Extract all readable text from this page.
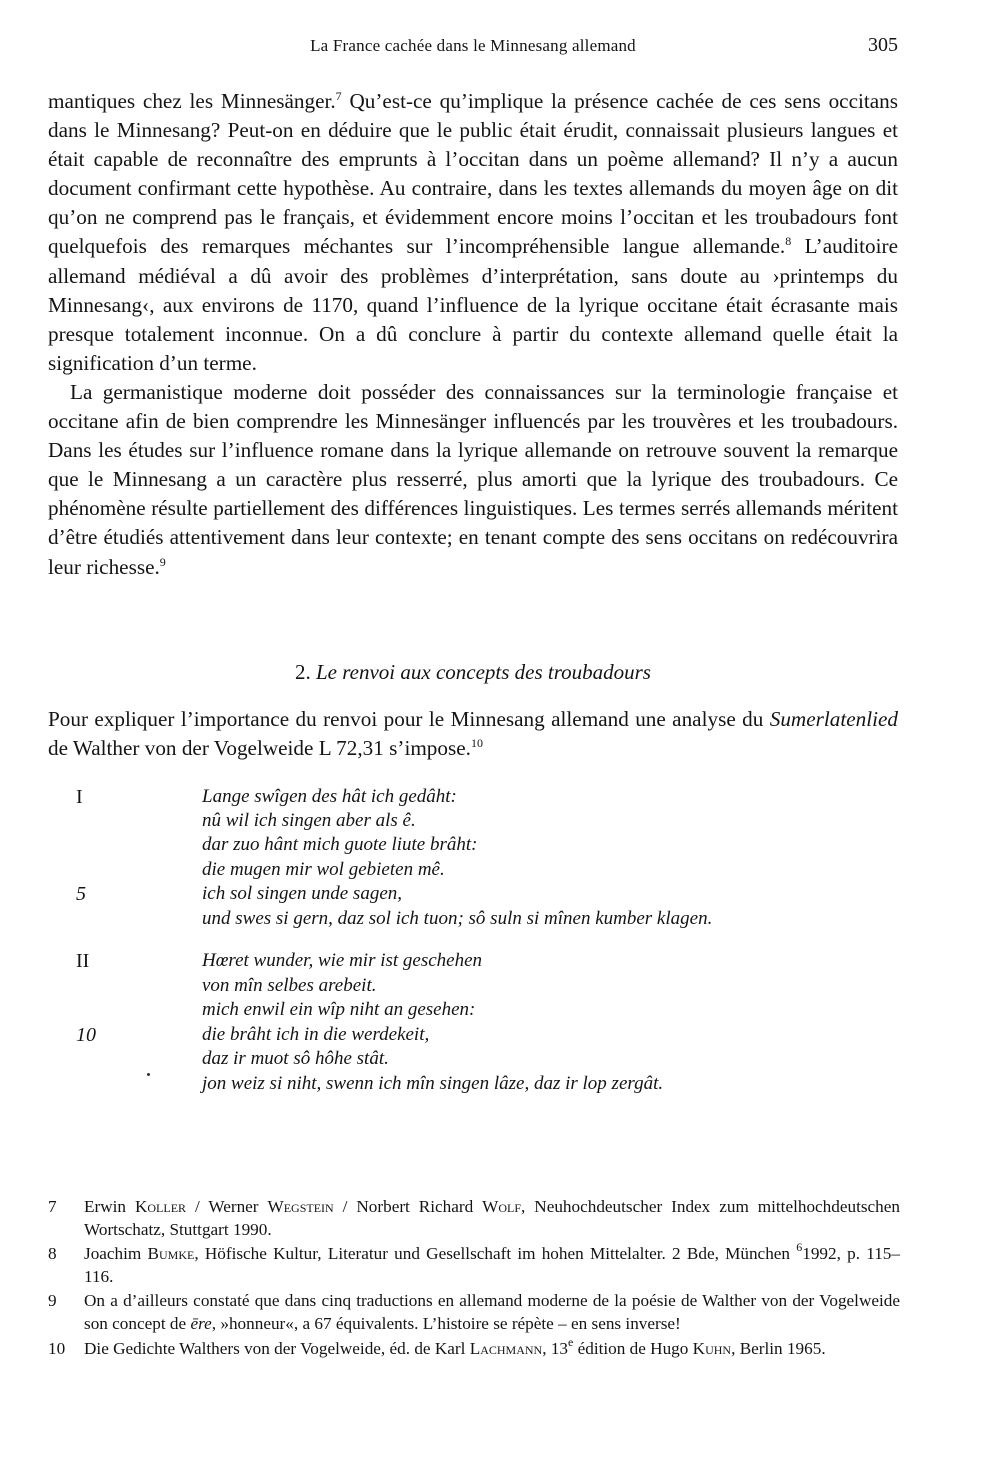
La France cachée dans le Minnesang allemand	305

mantiques chez les Minnesänger.$^7$ Qu’est-ce qu’implique la présence cachée de ces sens occitans dans le Minnesang? Peut-on en déduire que le public était érudit, connaissait plusieurs langues et était capable de reconnaître des emprunts à l’occitan dans un poème allemand? Il n’y a aucun document confirmant cette hypothèse. Au contraire, dans les textes allemands du moyen âge on dit qu’on ne comprend pas le français, et évidemment encore moins l’occitan et les troubadours font quelquefois des remarques méchantes sur l’incompréhensible langue allemande.$^8$ L’auditoire allemand médiéval a dû avoir des problèmes d’interprétation, sans doute au ›printemps du Minnesang‹, aux environs de 1170, quand l’influence de la lyrique occitane était écrasante mais presque totalement inconnue. On a dû conclure à partir du contexte allemand quelle était la signification d’un terme.

La germanistique moderne doit posséder des connaissances sur la terminologie française et occitane afin de bien comprendre les Minnesänger influencés par les trouvères et les troubadours. Dans les études sur l’influence romane dans la lyrique allemande on retrouve souvent la remarque que le Minnesang a un caractère plus resserré, plus amorti que la lyrique des troubadours. Ce phénomène résulte partiellement des différences linguistiques. Les termes serrés allemands méritent d’être étudiés attentivement dans leur contexte; en tenant compte des sens occitans on redécouvrira leur richesse.$^9$

2. Le renvoi aux concepts des troubadours

Pour expliquer l’importance du renvoi pour le Minnesang allemand une analyse du Sumerlatenlied de Walther von der Vogelweide L 72,31 s’impose.$^{10}$

I	Lange swîgen des hât ich gedâht:
nû wil ich singen aber als ê.
dar zuo hânt mich guote liute brâht:
die mugen mir wol gebieten mê.
5	ich sol singen unde sagen,
und swes si gern, daz sol ich tuon; sô suln si mînen kumber klagen.
II	Hœret wunder, wie mir ist geschehen
von mîn selbes arebeit.
mich enwil ein wîp niht an gesehen:
10	die brâht ich in die werdekeit,
daz ir muot sô hôhe stât.
jon weiz si niht, swenn ich mîn singen lâze, daz ir lop zergât.

7	Erwin Koller / Werner Wegstein / Norbert Richard Wolf, Neuhochdeutscher Index zum mittelhochdeutschen Wortschatz, Stuttgart 1990.

8	Joachim Bumke, Höfische Kultur, Literatur und Gesellschaft im hohen Mittelalter. 2 Bde, München $^6$1992, p. 115–116.

9	On a d’ailleurs constaté que dans cinq traductions en allemand moderne de la poésie de Walther von der Vogelweide son concept de ēre, »honneur«, a 67 équivalents. L’histoire se répète – en sens inverse!

10	Die Gedichte Walthers von der Vogelweide, éd. de Karl Lachmann, 13e édition de Hugo Kuhn, Berlin 1965.
